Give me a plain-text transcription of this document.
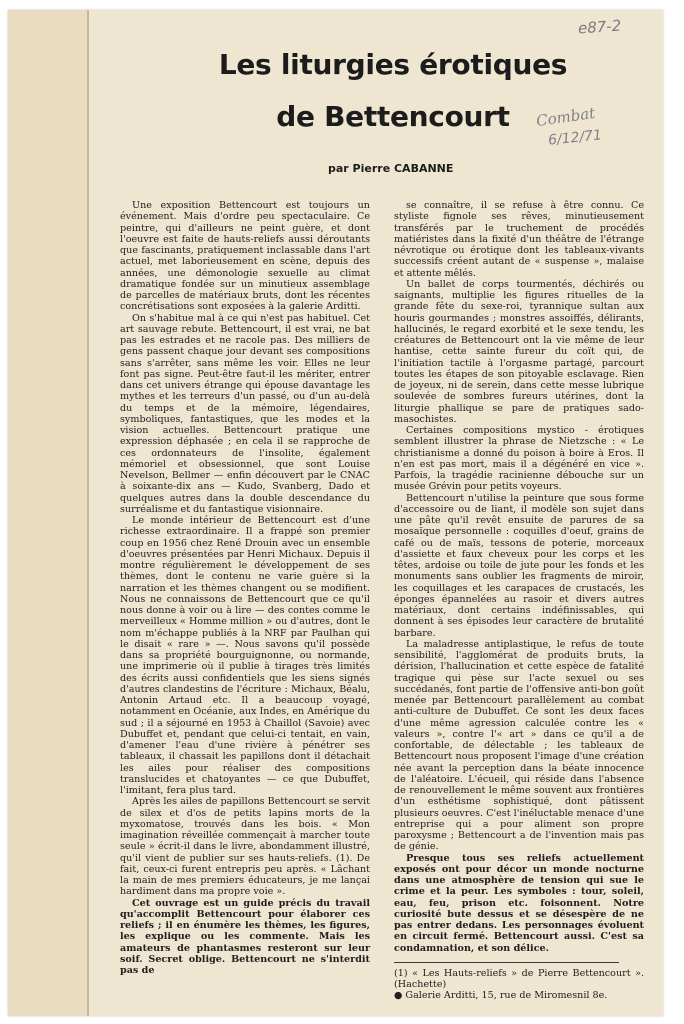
e87-2
Combat
6/12/71
Les liturgies érotiques
de Bettencourt

par Pierre CABANNE

Une exposition Bettencourt est toujours un événement. Mais d'ordre peu spectaculaire. Ce peintre, qui d'ailleurs ne peint guère, et dont l'oeuvre est faite de hauts-reliefs aussi déroutants que fascinants, pratiquement inclassable dans l'art actuel, met laborieusement en scène, depuis des années, une démonologie sexuelle au climat dramatique fondée sur un minutieux assemblage de parcelles de matériaux bruts, dont les récentes concrétisations sont exposées à la galerie Arditti.

On s'habitue mal à ce qui n'est pas habituel. Cet art sauvage rebute. Bettencourt, il est vrai, ne bat pas les estrades et ne racole pas. Des milliers de gens passent chaque jour devant ses compositions sans s'arrêter, sans même les voir. Elles ne leur font pas signe. Peut-être faut-il les mériter, entrer dans cet univers étrange qui épouse davantage les mythes et les terreurs d'un passé, ou d'un au-delà du temps et de la mémoire, légendaires, symboliques, fantastiques, que les modes et la vision actuelles. Bettencourt pratique une expression déphasée ; en cela il se rapproche de ces ordonnateurs de l'insolite, également mémoriel et obsessionnel, que sont Louise Nevelson, Bellmer — enfin découvert par le CNAC à soixante-dix ans — Kudo, Svanberg, Dado et quelques autres dans la double descendance du surréalisme et du fantastique visionnaire.

Le monde intérieur de Bettencourt est d'une richesse extraordinaire. Il a frappé son premier coup en 1956 chez René Drouin avec un ensemble d'oeuvres présentées par Henri Michaux. Depuis il montre régulièrement le développement de ses thèmes, dont le contenu ne varie guère si la narration et les thèmes changent ou se modifient. Nous ne connaissons de Bettencourt que ce qu'il nous donne à voir ou à lire — des contes comme le merveilleux « Homme million » ou d'autres, dont le nom m'échappe publiés à la NRF par Paulhan qui le disait « rare » —. Nous savons qu'il possède dans sa propriété bourguignonne, ou normande, une imprimerie où il publie à tirages très limités des écrits aussi confidentiels que les siens signés d'autres clandestins de l'écriture : Michaux, Béalu, Antonin Artaud etc. Il a beaucoup voyagé, notamment en Océanie, aux Indes, en Amérique du sud ; il a séjourné en 1953 à Chaillol (Savoie) avec Dubuffet et, pendant que celui-ci tentait, en vain, d'amener l'eau d'une rivière à pénétrer ses tableaux, il chassait les papillons dont il détachait les ailes pour réaliser des compositions translucides et chatoyantes — ce que Dubuffet, l'imitant, fera plus tard.

Après les ailes de papillons Bettencourt se servit de silex et d'os de petits lapins morts de la myxomatose, trouvés dans les bois. « Mon imagination réveillée commençait à marcher toute seule » écrit-il dans le livre, abondamment illustré, qu'il vient de publier sur ses hauts-reliefs. (1). De fait, ceux-ci furent entrepris peu après. « Lâchant la main de mes premiers éducateurs, je me lançai hardiment dans ma propre voie ».

Cet ouvrage est un guide précis du travail qu'accomplit Bettencourt pour élaborer ces reliefs ; il en énumère les thèmes, les figures, les explique ou les commente. Mais les amateurs de phantasmes resteront sur leur soif. Secret oblige. Bettencourt ne s'interdit pas de

se connaître, il se refuse à être connu. Ce styliste fignole ses rêves, minutieusement transférés par le truchement de procédés matiéristes dans la fixité d'un théâtre de l'étrange névrotique ou érotique dont les tableaux-vivants successifs créent autant de « suspense », malaise et attente mêlés.

Un ballet de corps tourmentés, déchirés ou saignants, multiplie les figures rituelles de la grande fête du sexe-roi, tyrannique sultan aux houris gourmandes ; monstres assoiffés, délirants, hallucinés, le regard exorbité et le sexe tendu, les créatures de Bettencourt ont la vie même de leur hantise, cette sainte fureur du coït qui, de l'initiation tactile à l'orgasme partagé, parcourt toutes les étapes de son pitoyable esclavage. Rien de joyeux, ni de serein, dans cette messe lubrique soulevée de sombres fureurs utérines, dont la liturgie phallique se pare de pratiques sado-masochistes.

Certaines compositions mystico - érotiques semblent illustrer la phrase de Nietzsche : « Le christianisme a donné du poison à boire à Eros. Il n'en est pas mort, mais il a dégénéré en vice ». Parfois, la tragédie racinienne débouche sur un musée Grévin pour petits voyeurs.

Bettencourt n'utilise la peinture que sous forme d'accessoire ou de liant, il modèle son sujet dans une pâte qu'il revêt ensuite de parures de sa mosaïque personnelle : coquilles d'oeuf, grains de café ou de maïs, tessons de poterie, morceaux d'assiette et faux cheveux pour les corps et les têtes, ardoise ou toile de jute pour les fonds et les monuments sans oublier les fragments de miroir, les coquillages et les carapaces de crustacés, les éponges épannelées au rasoir et divers autres matériaux, dont certains indéfinissables, qui donnent à ses épisodes leur caractère de brutalité barbare.

La maladresse antiplastique, le refus de toute sensibilité, l'agglomérat de produits bruts, la dérision, l'hallucination et cette espèce de fatalité tragique qui pèse sur l'acte sexuel ou ses succédanés, font partie de l'offensive anti-bon goût menée par Bettencourt parallèlement au combat anti-culture de Dubuffet. Ce sont les deux faces d'une même agression calculée contre les « valeurs », contre l'« art » dans ce qu'il a de confortable, de délectable ; les tableaux de Bettencourt nous proposent l'image d'une création née avant la perception dans la béate innocence de l'aléatoire. L'écueil, qui réside dans l'absence de renouvellement le même souvent aux frontières d'un esthétisme sophistiqué, dont pâtissent plusieurs oeuvres. C'est l'inéluctable menace d'une entreprise qui a pour aliment son propre paroxysme ; Bettencourt a de l'invention mais pas de génie.

Presque tous ses reliefs actuellement exposés ont pour décor un monde nocturne dans une atmosphère de tension qui sue le crime et la peur. Les symboles : tour, soleil, eau, feu, prison etc. foisonnent. Notre curiosité bute dessus et se désespère de ne pas entrer dedans. Les personnages évoluent en circuit fermé. Bettencourt aussi. C'est sa condamnation, et son délice.

(1) « Les Hauts-reliefs » de Pierre Bettencourt ». (Hachette)

● Galerie Arditti, 15, rue de Miromesnil 8e.
